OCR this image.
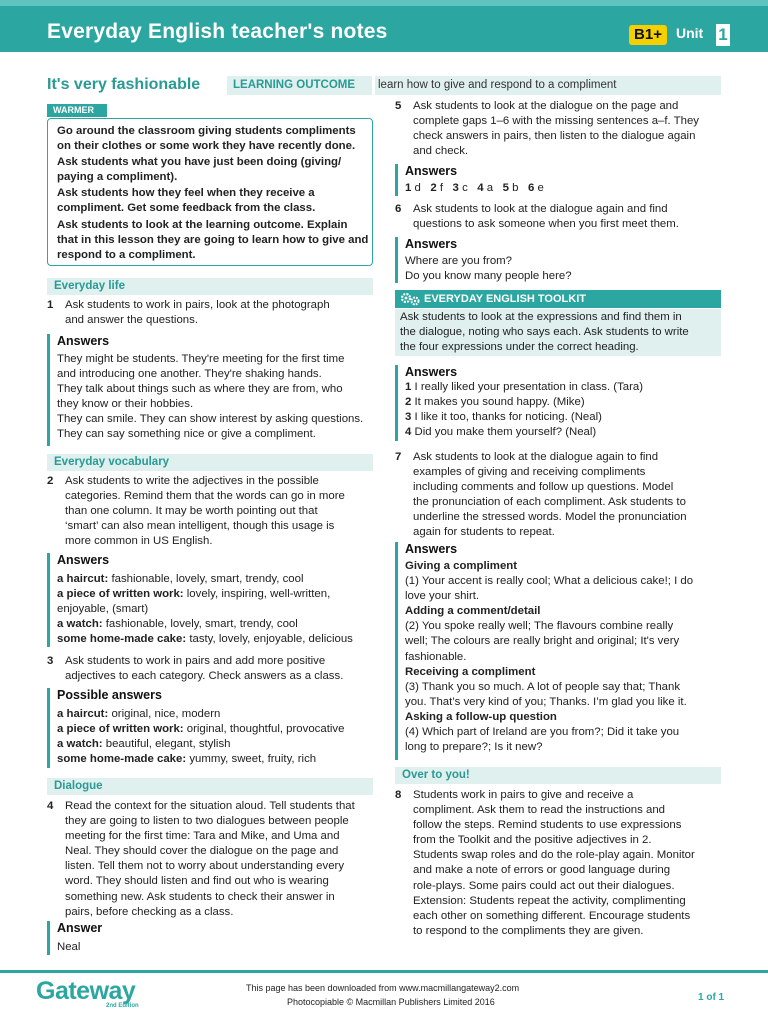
Everyday English teacher's notes	B1+	Unit 1
It's very fashionable	LEARNING OUTCOME learn how to give and respond to a compliment
WARMER

Go around the classroom giving students compliments on their clothes or some work they have recently done.

Ask students what you have just been doing (giving/ paying a compliment).

Ask students how they feel when they receive a compliment. Get some feedback from the class.

Ask students to look at the learning outcome. Explain that in this lesson they are going to learn how to give and respond to a compliment.

Everyday life
1 Ask students to work in pairs, look at the photograph
and answer the questions.
Answers

They might be students. They're meeting for the first time

and introducing one another. They're shaking hands.

They talk about things such as where they are from, who

they know or their hobbies.

They can smile. They can show interest by asking questions.

They can say something nice or give a compliment.

Everyday vocabulary
2 Ask students to write the adjectives in the possible
categories. Remind them that the words can go in more
than one column. It may be worth pointing out that
‘smart’ can also mean intelligent, though this usage is
more common in US English.
Answers

a haircut: fashionable, lovely, smart, trendy, cool

a piece of written work: lovely, inspiring, well-written,

enjoyable, (smart)

a watch: fashionable, lovely, smart, trendy, cool

some home-made cake: tasty, lovely, enjoyable, delicious

3 Ask students to work in pairs and add more positive
adjectives to each category. Check answers as a class.
Possible answers

a haircut: original, nice, modern

a piece of written work: original, thoughtful, provocative

a watch: beautiful, elegant, stylish

some home-made cake: yummy, sweet, fruity, rich

Dialogue
4 Read the context for the situation aloud. Tell students that
they are going to listen to two dialogues between people
meeting for the first time: Tara and Mike, and Uma and
Neal. They should cover the dialogue on the page and
listen. Tell them not to worry about understanding every
word. They should listen and find out who is wearing
something new. Ask students to check their answer in
pairs, before checking as a class.
Answer

Neal

5 Ask students to look at the dialogue on the page and
complete gaps 1–6 with the missing sentences a–f. They
check answers in pairs, then listen to the dialogue again
and check.
Answers

1 d 2 f 3 c 4 a 5 b 6 e

6 Ask students to look at the dialogue again and find
questions to ask someone when you first meet them.
Answers

Where are you from?

Do you know many people here?

EVERYDAY ENGLISH TOOLKIT
Ask students to look at the expressions and find them in
the dialogue, noting who says each. Ask students to write
the four expressions under the correct heading.
Answers

1 I really liked your presentation in class. (Tara)

2 It makes you sound happy. (Mike)

3 I like it too, thanks for noticing. (Neal)

4 Did you make them yourself? (Neal)

7 Ask students to look at the dialogue again to find
examples of giving and receiving compliments
including comments and follow up questions. Model
the pronunciation of each compliment. Ask students to
underline the stressed words. Model the pronunciation
again for students to repeat.
Answers

Giving a compliment

(1) Your accent is really cool; What a delicious cake!; I do

love your shirt.

Adding a comment/detail

(2) You spoke really well; The flavours combine really

well; The colours are really bright and original; It's very

fashionable.

Receiving a compliment

(3) Thank you so much. A lot of people say that; Thank

you. That’s very kind of you; Thanks. I’m glad you like it.

Asking a follow-up question

(4) Which part of Ireland are you from?; Did it take you

long to prepare?; Is it new?

Over to you!
8 Students work in pairs to give and receive a
compliment. Ask them to read the instructions and
follow the steps. Remind students to use expressions
from the Toolkit and the positive adjectives in 2.
Students swap roles and do the role-play again. Monitor
and make a note of errors or good language during
role-plays. Some pairs could act out their dialogues.
Extension: Students repeat the activity, complimenting
each other on something different. Encourage students
to respond to the compliments they are given.
Gateway
2nd Edition
This page has been downloaded from www.macmillangateway2.com
Photocopiable © Macmillan Publishers Limited 2016	1 of 1
